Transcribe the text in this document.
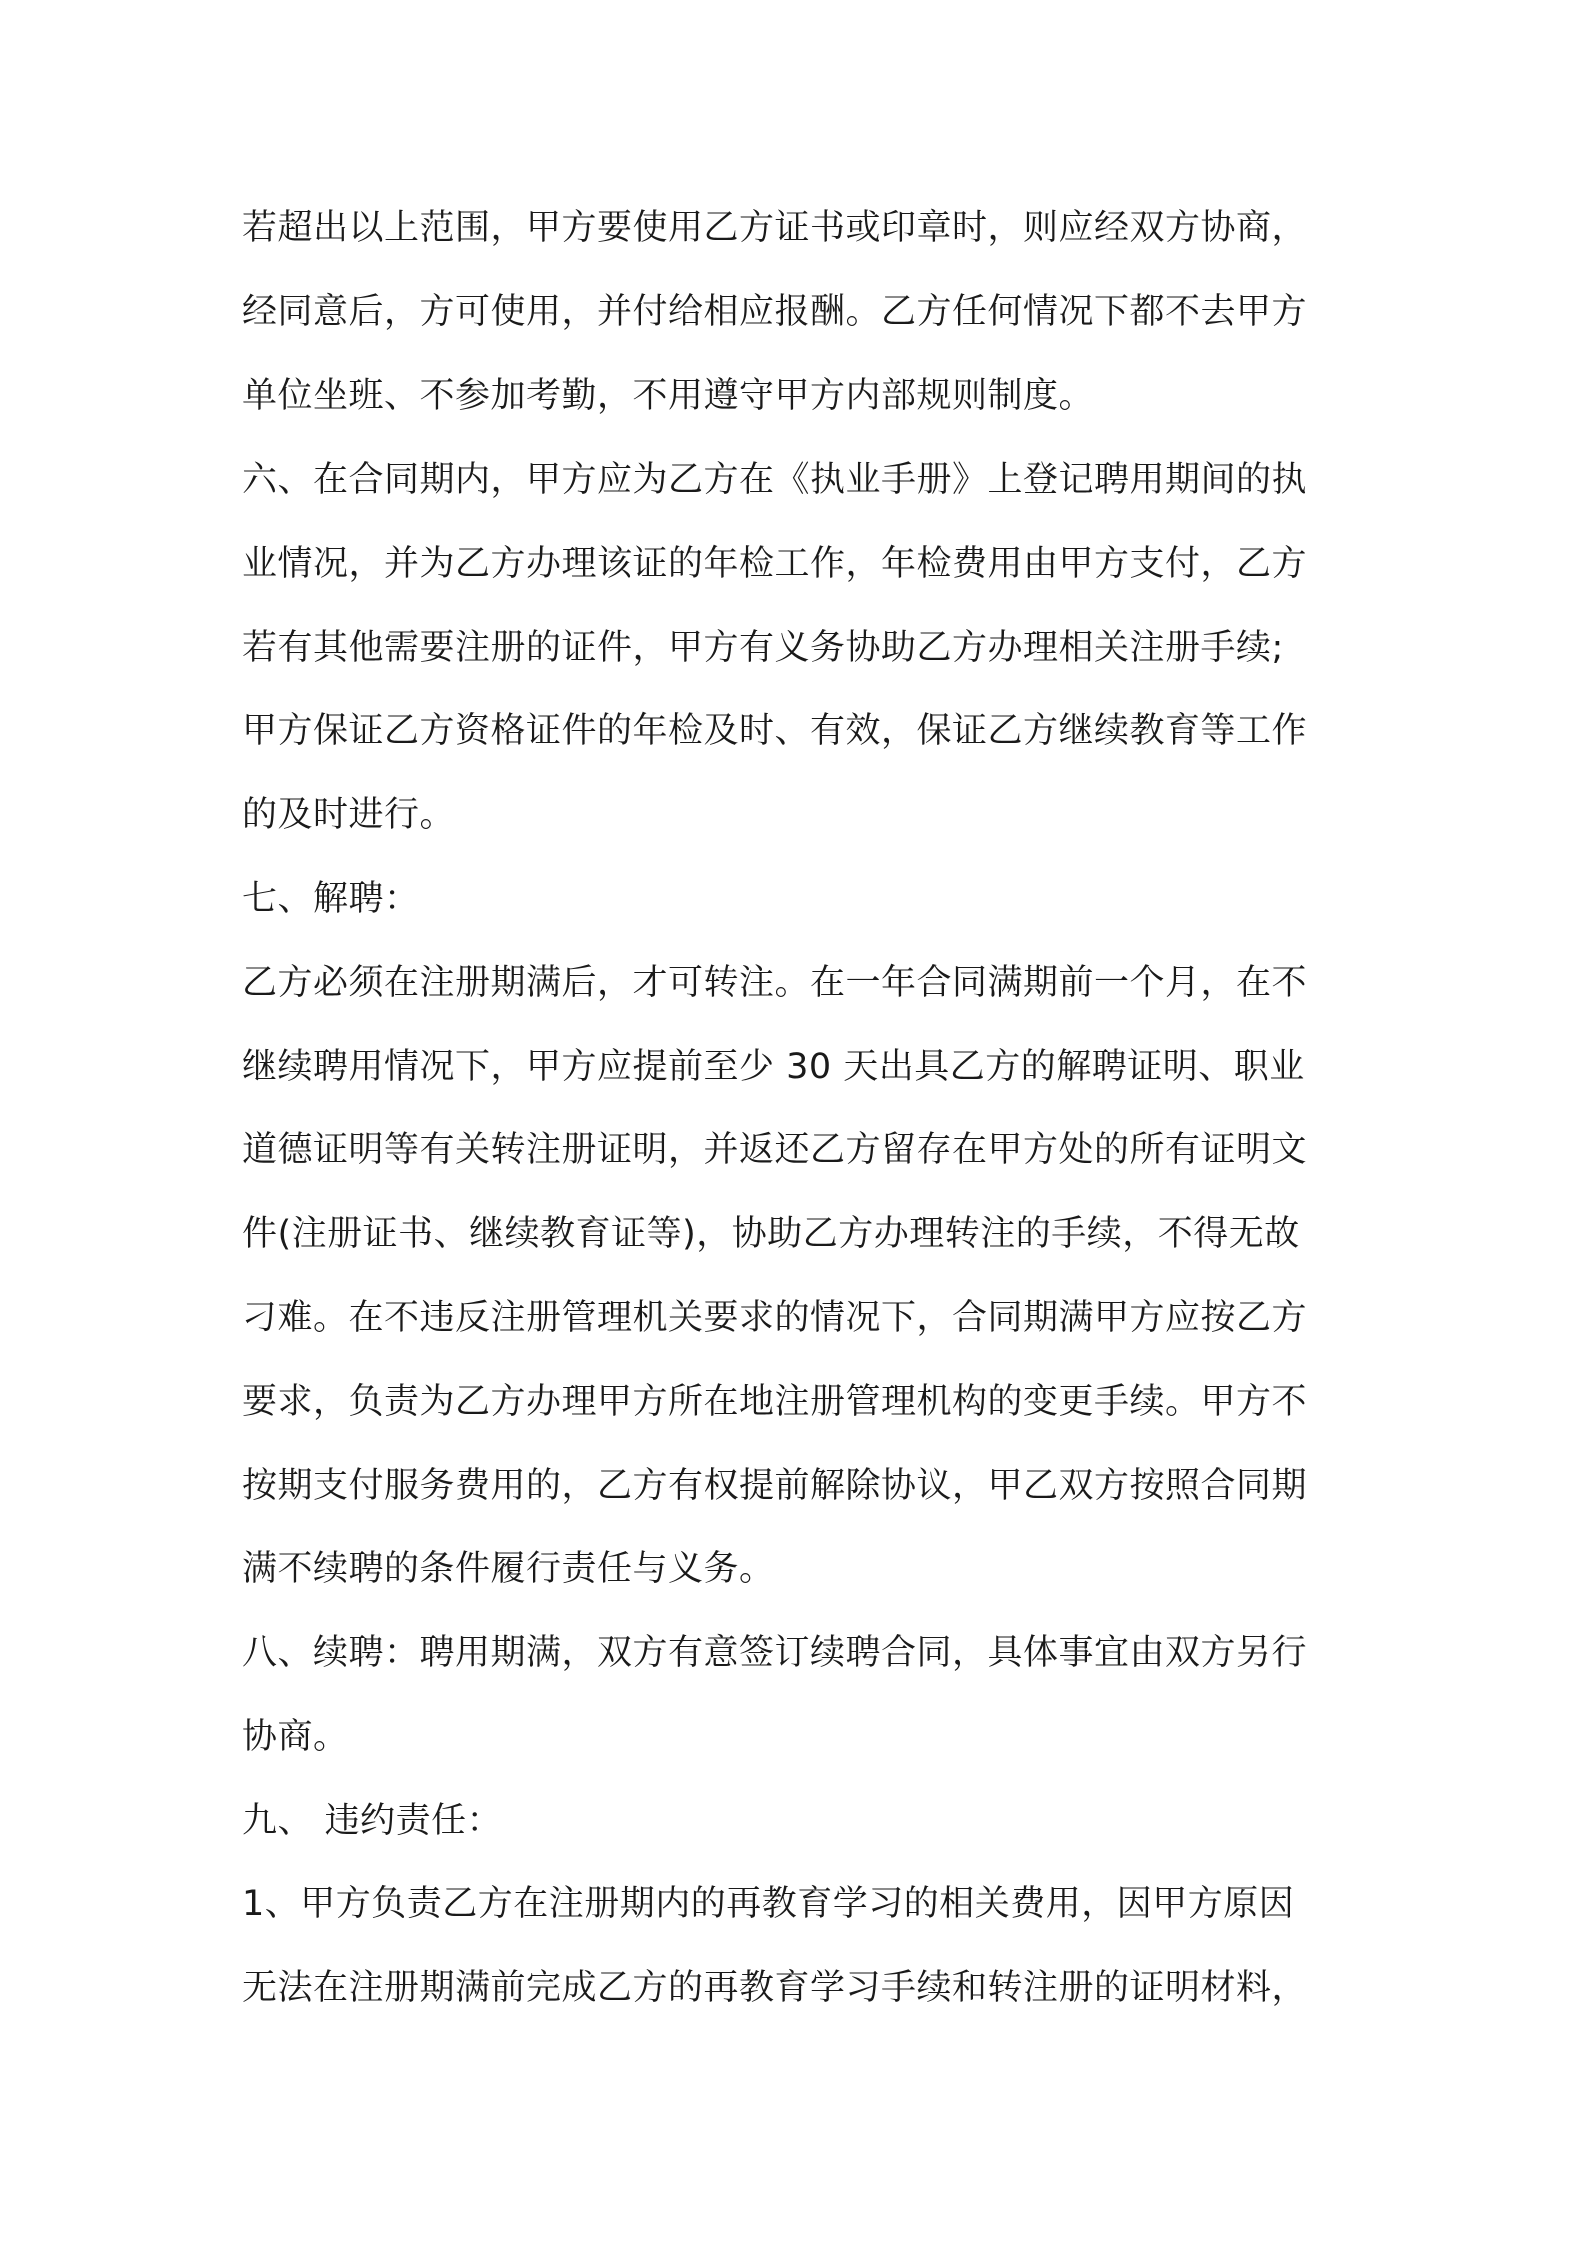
若超出以上范围，甲方要使用乙方证书或印章时，则应经双方协商，
经同意后，方可使用，并付给相应报酬。乙方任何情况下都不去甲方
单位坐班、不参加考勤，不用遵守甲方内部规则制度。
六、在合同期内，甲方应为乙方在《执业手册》上登记聘用期间的执
业情况，并为乙方办理该证的年检工作，年检费用由甲方支付，乙方
若有其他需要注册的证件，甲方有义务协助乙方办理相关注册手续;
甲方保证乙方资格证件的年检及时、有效，保证乙方继续教育等工作
的及时进行。
七、解聘：
乙方必须在注册期满后，才可转注。在一年合同满期前一个月，在不
继续聘用情况下，甲方应提前至少 30 天出具乙方的解聘证明、职业
道德证明等有关转注册证明，并返还乙方留存在甲方处的所有证明文
件(注册证书、继续教育证等)，协助乙方办理转注的手续，不得无故
刁难。在不违反注册管理机关要求的情况下，合同期满甲方应按乙方
要求，负责为乙方办理甲方所在地注册管理机构的变更手续。甲方不
按期支付服务费用的，乙方有权提前解除协议，甲乙双方按照合同期
满不续聘的条件履行责任与义务。
八、续聘：聘用期满，双方有意签订续聘合同，具体事宜由双方另行
协商。
九、 违约责任：
1、甲方负责乙方在注册期内的再教育学习的相关费用，因甲方原因
无法在注册期满前完成乙方的再教育学习手续和转注册的证明材料，
